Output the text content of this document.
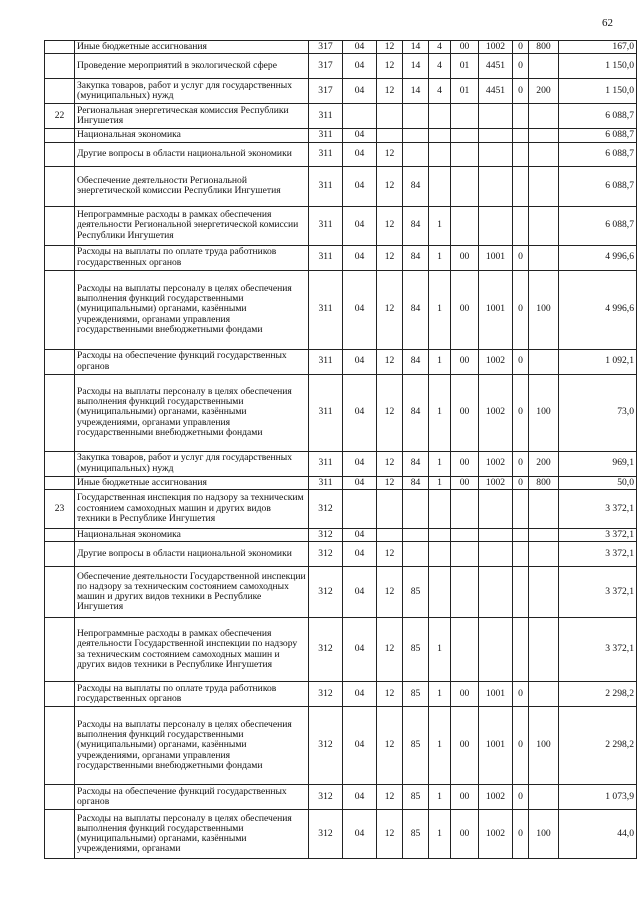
62
	Иные бюджетные ассигнования	317	04	12	14	4	00	1002	0	800	167,0
	Проведение мероприятий в экологической сфере	317	04	12	14	4	01	4451	0		1 150,0
	Закупка товаров, работ и услуг для государственных (муниципальных) нужд	317	04	12	14	4	01	4451	0	200	1 150,0
22	Региональная энергетическая комиссия Республики Ингушетия	311									6 088,7
	Национальная экономика	311	04								6 088,7
	Другие вопросы в области национальной экономики	311	04	12							6 088,7
	Обеспечение деятельности Региональной энергетической комиссии Республики Ингушетия	311	04	12	84						6 088,7
	Непрограммные расходы в рамках обеспечения деятельности Региональной энергетической комиссии Республики Ингушетия	311	04	12	84	1					6 088,7
	Расходы на выплаты по оплате труда работников государственных органов	311	04	12	84	1	00	1001	0		4 996,6
	Расходы на выплаты персоналу в целях обеспечения выполнения функций государственными (муниципальными) органами, казёнными учреждениями, органами управления государственными внебюджетными фондами	311	04	12	84	1	00	1001	0	100	4 996,6
	Расходы на обеспечение функций государственных органов	311	04	12	84	1	00	1002	0		1 092,1
	Расходы на выплаты персоналу в целях обеспечения выполнения функций государственными (муниципальными) органами, казёнными учреждениями, органами управления государственными внебюджетными фондами	311	04	12	84	1	00	1002	0	100	73,0
	Закупка товаров, работ и услуг для государственных (муниципальных) нужд	311	04	12	84	1	00	1002	0	200	969,1
	Иные бюджетные ассигнования	311	04	12	84	1	00	1002	0	800	50,0
23	Государственная инспекция по надзору за техническим состоянием самоходных машин и других видов техники в Республике Ингушетия	312									3 372,1
	Национальная экономика	312	04								3 372,1
	Другие вопросы в области национальной экономики	312	04	12							3 372,1
	Обеспечение деятельности Государственной инспекции по надзору за техническим состоянием самоходных машин и других видов техники в Республике Ингушетия	312	04	12	85						3 372,1
	Непрограммные расходы в рамках обеспечения деятельности Государственной инспекции по надзору за техническим состоянием самоходных машин и других видов техники в Республике Ингушетия	312	04	12	85	1					3 372,1
	Расходы на выплаты по оплате труда работников государственных органов	312	04	12	85	1	00	1001	0		2 298,2
	Расходы на выплаты персоналу в целях обеспечения выполнения функций государственными (муниципальными) органами, казёнными учреждениями, органами управления государственными внебюджетными фондами	312	04	12	85	1	00	1001	0	100	2 298,2
	Расходы на обеспечение функций государственных органов	312	04	12	85	1	00	1002	0		1 073,9
	Расходы на выплаты персоналу в целях обеспечения выполнения функций государственными (муниципальными) органами, казёнными учреждениями, органами	312	04	12	85	1	00	1002	0	100	44,0
